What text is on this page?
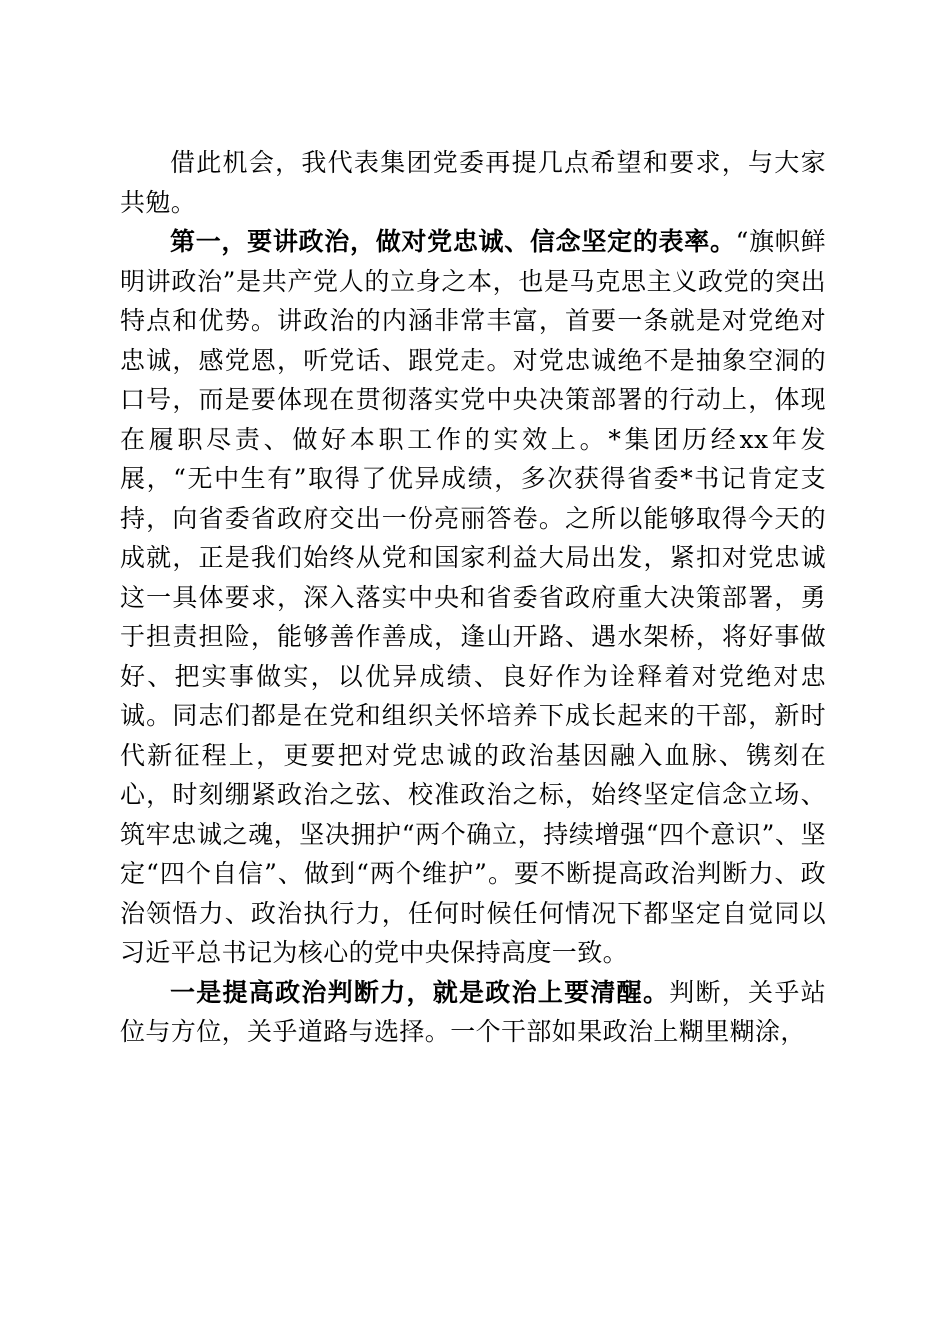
借此机会，我代表集团党委再提几点希望和要求，与大家共勉。

第一，要讲政治，做对党忠诚、信念坚定的表率。“旗帜鲜明讲政治”是共产党人的立身之本，也是马克思主义政党的突出特点和优势。讲政治的内涵非常丰富，首要一条就是对党绝对忠诚，感党恩，听党话、跟党走。对党忠诚绝不是抽象空洞的口号，而是要体现在贯彻落实党中央决策部署的行动上，体现在履职尽责、做好本职工作的实效上。*集团历经xx年发展，“无中生有”取得了优异成绩，多次获得省委*书记肯定支持，向省委省政府交出一份亮丽答卷。之所以能够取得今天的成就，正是我们始终从党和国家利益大局出发，紧扣对党忠诚这一具体要求，深入落实中央和省委省政府重大决策部署，勇于担责担险，能够善作善成，逢山开路、遇水架桥，将好事做好、把实事做实，以优异成绩、良好作为诠释着对党绝对忠诚。同志们都是在党和组织关怀培养下成长起来的干部，新时代新征程上，更要把对党忠诚的政治基因融入血脉、镌刻在心，时刻绷紧政治之弦、校准政治之标，始终坚定信念立场、筑牢忠诚之魂，坚决拥护“两个确立，持续增强“四个意识”、坚定“四个自信”、做到“两个维护”。要不断提高政治判断力、政治领悟力、政治执行力，任何时候任何情况下都坚定自觉同以习近平总书记为核心的党中央保持高度一致。

一是提高政治判断力，就是政治上要清醒。判断，关乎站位与方位，关乎道路与选择。一个干部如果政治上糊里糊涂，
